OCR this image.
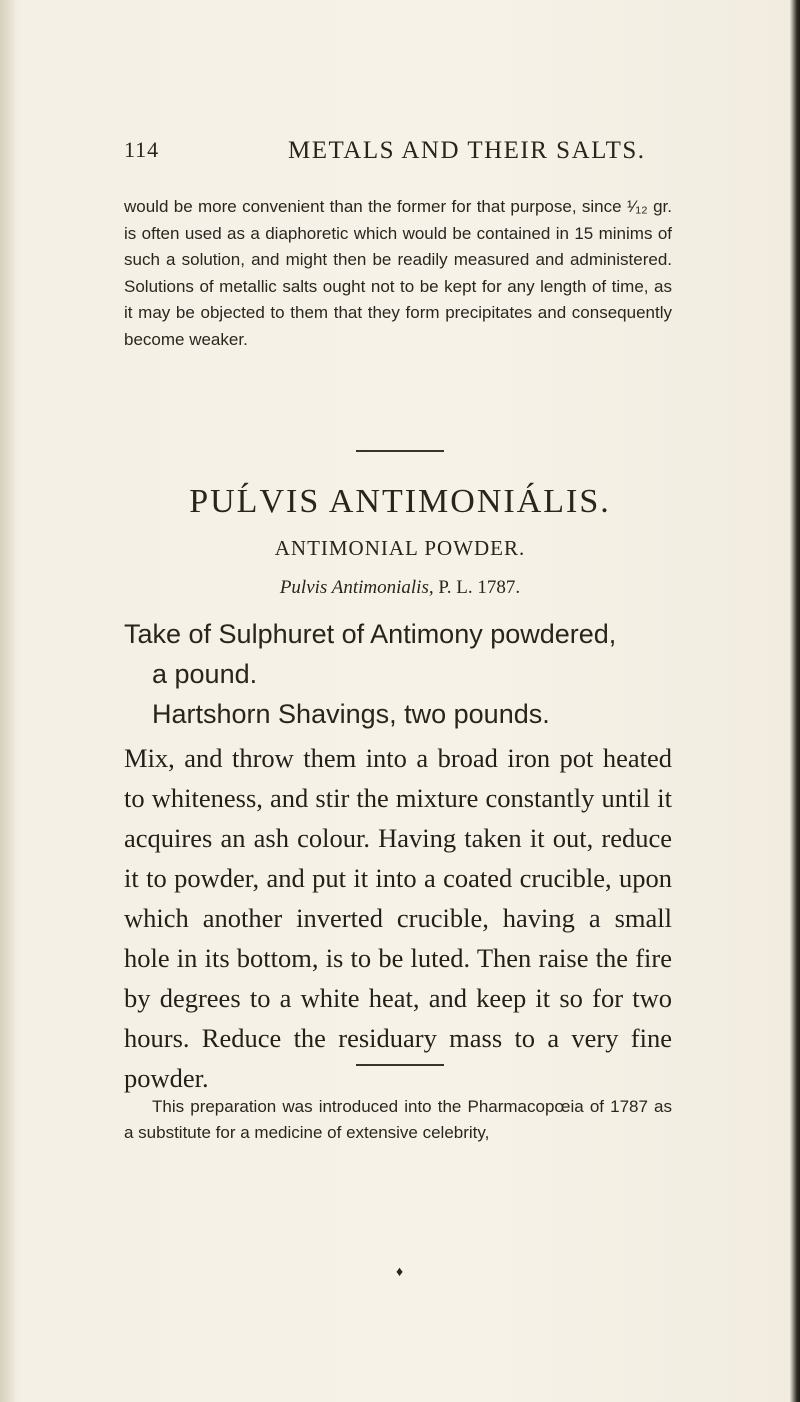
114	METALS AND THEIR SALTS.
would be more convenient than the former for that purpose, since ¹⁄₁₂ gr. is often used as a diaphoretic which would be contained in 15 minims of such a solution, and might then be readily measured and administered. Solutions of metallic salts ought not to be kept for any length of time, as it may be objected to them that they form precipitates and consequently become weaker.
PUĹVIS ANTIMONIÁLIS.
ANTIMONIAL POWDER.
Pulvis Antimonialis, P. L. 1787.
Take of Sulphuret of Antimony powdered,
a pound.
Hartshorn Shavings, two pounds.
Mix, and throw them into a broad iron pot heated to whiteness, and stir the mixture constantly until it acquires an ash colour. Having taken it out, reduce it to powder, and put it into a coated crucible, upon which another inverted crucible, having a small hole in its bottom, is to be luted. Then raise the fire by degrees to a white heat, and keep it so for two hours. Reduce the residuary mass to a very fine powder.
This preparation was introduced into the Pharmacopœia of 1787 as a substitute for a medicine of extensive celebrity,
♦
